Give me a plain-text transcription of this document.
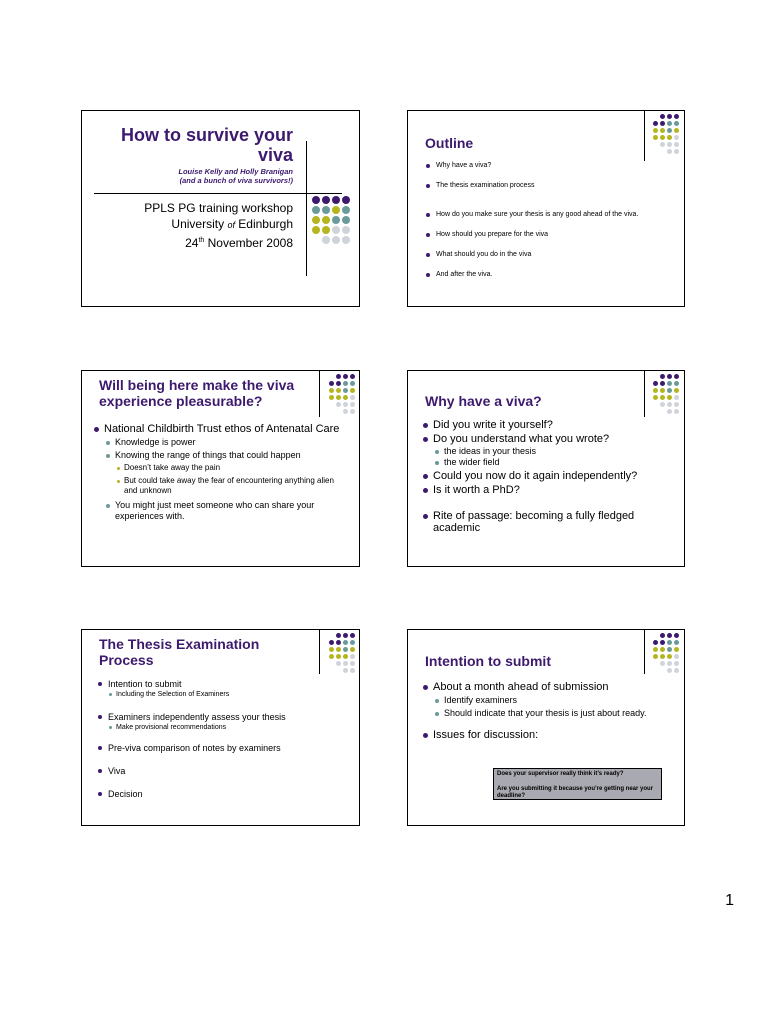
How to survive your
viva
Louise Kelly and Holly Branigan
(and a bunch of viva survivors!)
PPLS PG training workshop
University of Edinburgh
24th November 2008
Outline
Why have a viva?
The thesis examination process
How do you make sure your thesis is any good ahead of the viva.
How should you prepare for the viva
What should you do in the viva
And after the viva.
Will being here make the viva
experience pleasurable?
National Childbirth Trust ethos of Antenatal Care
Knowledge is power
Knowing the range of things that could happen
Doesn’t take away the pain
But could take away the fear of encountering anything alien and unknown
You might just meet someone who can share your experiences with.
Why have a viva?
Did you write it yourself?
Do you understand what you wrote?
the ideas in your thesis
the wider field
Could you now do it again independently?
Is it worth a PhD?
Rite of passage: becoming a fully fledged academic
The Thesis Examination
Process
Intention to submit
Including the Selection of Examiners
Examiners independently assess your thesis
Make provisional recommendations
Pre-viva comparison of notes by examiners
Viva
Decision
Intention to submit
About a month ahead of submission
Identify examiners
Should indicate that your thesis is just about ready.
Issues for discussion:
Does your supervisor really think it’s ready?
Are you submitting it because you’re getting near your deadline?
1
